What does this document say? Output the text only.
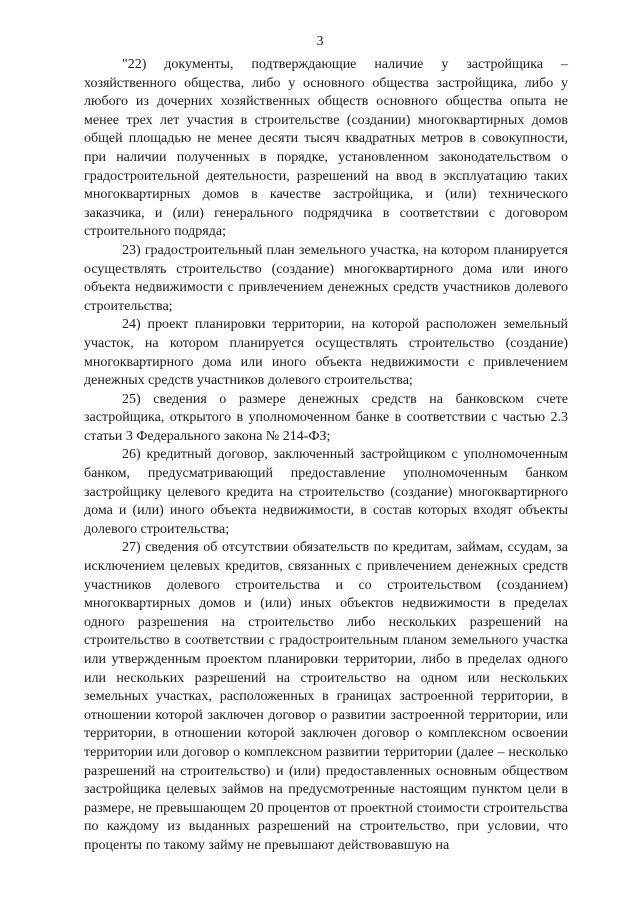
3

"22) документы, подтверждающие наличие у застройщика – хозяйственного общества, либо у основного общества застройщика, либо у любого из дочерних хозяйственных обществ основного общества опыта не менее трех лет участия в строительстве (создании) многоквартирных домов общей площадью не менее десяти тысяч квадратных метров в совокупности, при наличии полученных в порядке, установленном законодательством о градостроительной деятельности, разрешений на ввод в эксплуатацию таких многоквартирных домов в качестве застройщика, и (или) технического заказчика, и (или) генерального подрядчика в соответствии с договором строительного подряда;

23) градостроительный план земельного участка, на котором планируется осуществлять строительство (создание) многоквартирного дома или иного объекта недвижимости с привлечением денежных средств участников долевого строительства;

24) проект планировки территории, на которой расположен земельный участок, на котором планируется осуществлять строительство (создание) многоквартирного дома или иного объекта недвижимости с привлечением денежных средств участников долевого строительства;

25) сведения о размере денежных средств на банковском счете застройщика, открытого в уполномоченном банке в соответствии с частью 2.3 статьи 3 Федерального закона № 214-ФЗ;

26) кредитный договор, заключенный застройщиком с уполномоченным банком, предусматривающий предоставление уполномоченным банком застройщику целевого кредита на строительство (создание) многоквартирного дома и (или) иного объекта недвижимости, в состав которых входят объекты долевого строительства;

27) сведения об отсутствии обязательств по кредитам, займам, ссудам, за исключением целевых кредитов, связанных с привлечением денежных средств участников долевого строительства и со строительством (созданием) многоквартирных домов и (или) иных объектов недвижимости в пределах одного разрешения на строительство либо нескольких разрешений на строительство в соответствии с градостроительным планом земельного участка или утвержденным проектом планировки территории, либо в пределах одного или нескольких разрешений на строительство на одном или нескольких земельных участках, расположенных в границах застроенной территории, в отношении которой заключен договор о развитии застроенной территории, или территории, в отношении которой заключен договор о комплексном освоении территории или договор о комплексном развитии территории (далее – несколько разрешений на строительство) и (или) предоставленных основным обществом застройщика целевых займов на предусмотренные настоящим пунктом цели в размере, не превышающем 20 процентов от проектной стоимости строительства по каждому из выданных разрешений на строительство, при условии, что проценты по такому займу не превышают действовавшую на
